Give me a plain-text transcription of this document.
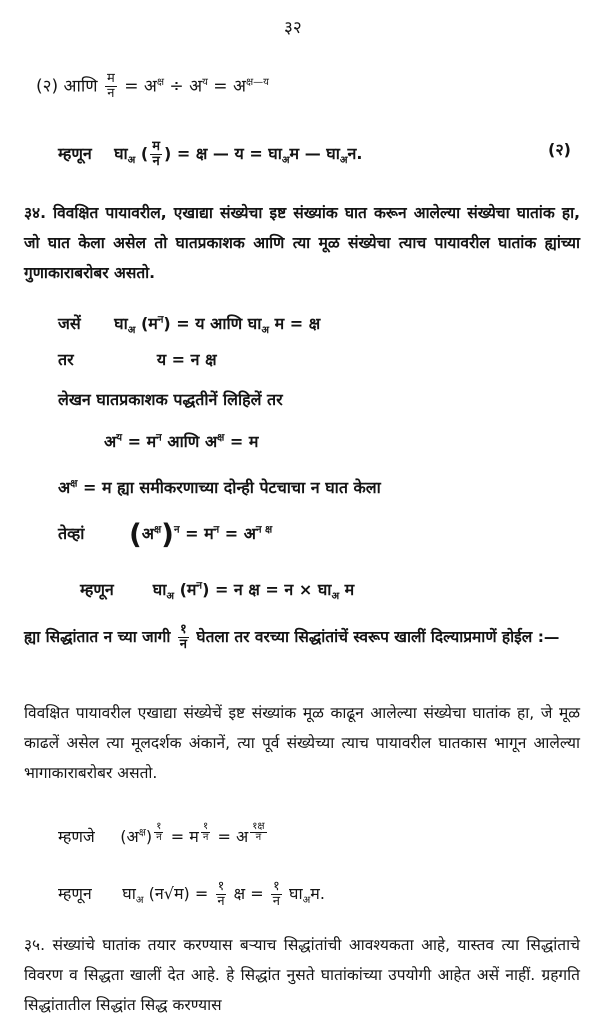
३२
(२) आणि $\frac{\text{म}}{\text{न}}$ = अ$^{क्ष}$ ÷ अ$^य$ = अ$^{क्ष—य}$
म्हणून $घा_अ$ ( $\frac{\text{म}}{\text{न}}$ ) = क्ष — य = $घा_अम$ — $घा_अन$.	(२)
३४. विवक्षित पायावरील, एखाद्या संख्येचा इष्ट संख्यांक घात करून आलेल्या संख्येचा घातांक हा, जो घात केला असेल तो घातप्रकाशक आणि त्या मूळ संख्येचा त्याच पायावरील घातांक ह्यांच्या गुणाकाराबरोबर असतो.
जसें $घा_अ$ (म$^न$) = य आणि $घा_अ$ म = क्ष
तर	य = न क्ष
लेखन घातप्रकाशक पद्धतीनें लिहिलें तर
अ$^य$ = म$^न$ आणि अ$^{क्ष}$ = म
अ$^{क्ष}$ = म ह्या समीकरणाच्या दोन्ही पेटचाचा न घात केला
तेव्हां (अ$^{क्ष}$)$^न$ = म$^न$ = अ$^{न क्ष}$
म्हणून $घा_अ$ (म$^न$) = न क्ष = न × $घा_अ$ म
ह्या सिद्धांतात न च्या जागी $\frac{१}{\text{न}}$ घेतला तर वरच्या सिद्धांतांचें स्वरूप खालीं दिल्याप्रमाणें होईल :—
विवक्षित पायावरील एखाद्या संख्येचें इष्ट संख्यांक मूळ काढून आलेल्या संख्येचा घातांक हा, जे मूळ काढलें असेल त्या मूलदर्शक अंकानें, त्या पूर्व संख्येच्या त्याच पायावरील घातकास भागून आलेल्या भागाकाराबरोबर असतो.
म्हणजे     (अ$^{क्ष}$) $^{\frac{१}{\text{न}}}$ = म $^{\frac{१}{\text{न}}}$ = अ $^{\frac{\text{१क्ष}}{\text{न}}}$
म्हणून $घा_अ$ (न√म) = $\frac{१}{\text{न}}$ क्ष = $\frac{१}{\text{न}}$ $घा_अम$.
३५. संख्यांचे घातांक तयार करण्यास बऱ्याच सिद्धांतांची आवश्यकता आहे, यास्तव त्या सिद्धांताचे विवरण व सिद्धता खालीं देत आहे. हे सिद्धांत नुसते घातांकांच्या उपयोगी आहेत असें नाहीं. ग्रहगति सिद्धांतातील सिद्धांत सिद्ध करण्यास
